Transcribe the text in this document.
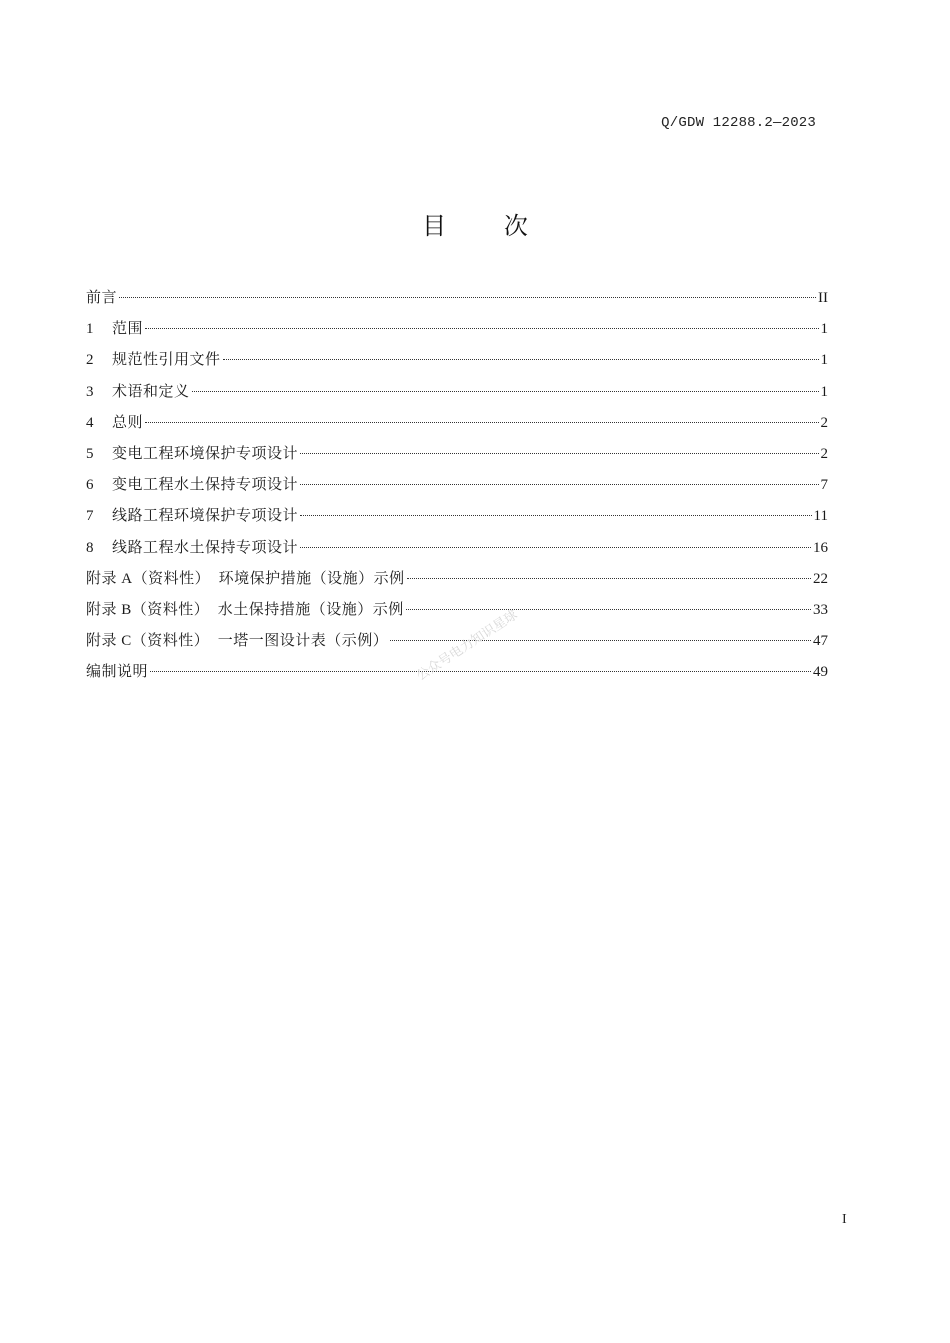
Q/GDW 12288.2—2023
目 次
前言	II
1	范围	1
2	规范性引用文件	1
3	术语和定义	1
4	总则	2
5	变电工程环境保护专项设计	2
6	变电工程水土保持专项设计	7
7	线路工程环境保护专项设计	11
8	线路工程水土保持专项设计	16
附录 A（资料性）  环境保护措施（设施）示例	22
附录 B（资料性）  水土保持措施（设施）示例	33
附录 C（资料性）  一塔一图设计表（示例）	47
编制说明	49
公众号电力知识星球
I
